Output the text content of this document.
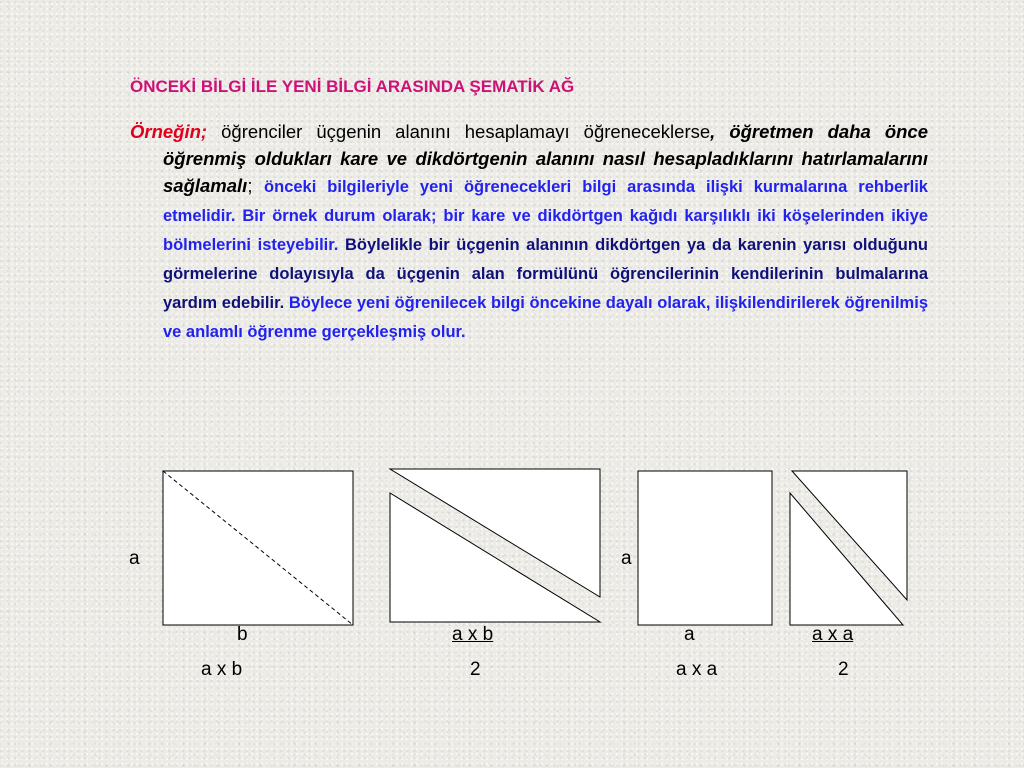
ÖNCEKİ BİLGİ İLE YENİ BİLGİ ARASINDA ŞEMATİK AĞ
Örneğin; öğrenciler üçgenin alanını hesaplamayı öğreneceklerse, öğretmen daha önce öğrenmiş oldukları kare ve dikdörtgenin alanını nasıl hesapladıklarını hatırlamalarını sağlamalı; önceki bilgileriyle yeni öğrenecekleri bilgi arasında ilişki kurmalarına rehberlik etmelidir. Bir örnek durum olarak; bir kare ve dikdörtgen kağıdı karşılıklı iki köşelerinden ikiye bölmelerini isteyebilir. Böylelikle bir üçgenin alanının dikdörtgen ya da karenin yarısı olduğunu görmelerine dolayısıyla da üçgenin alan formülünü öğrencilerinin kendilerinin bulmalarına yardım edebilir. Böylece yeni öğrenilecek bilgi öncekine dayalı olarak, ilişkilendirilerek öğrenilmiş ve anlamlı öğrenme gerçekleşmiş olur.
a
b
a x b
a x b
2
a
a
a x a
a x a
2
